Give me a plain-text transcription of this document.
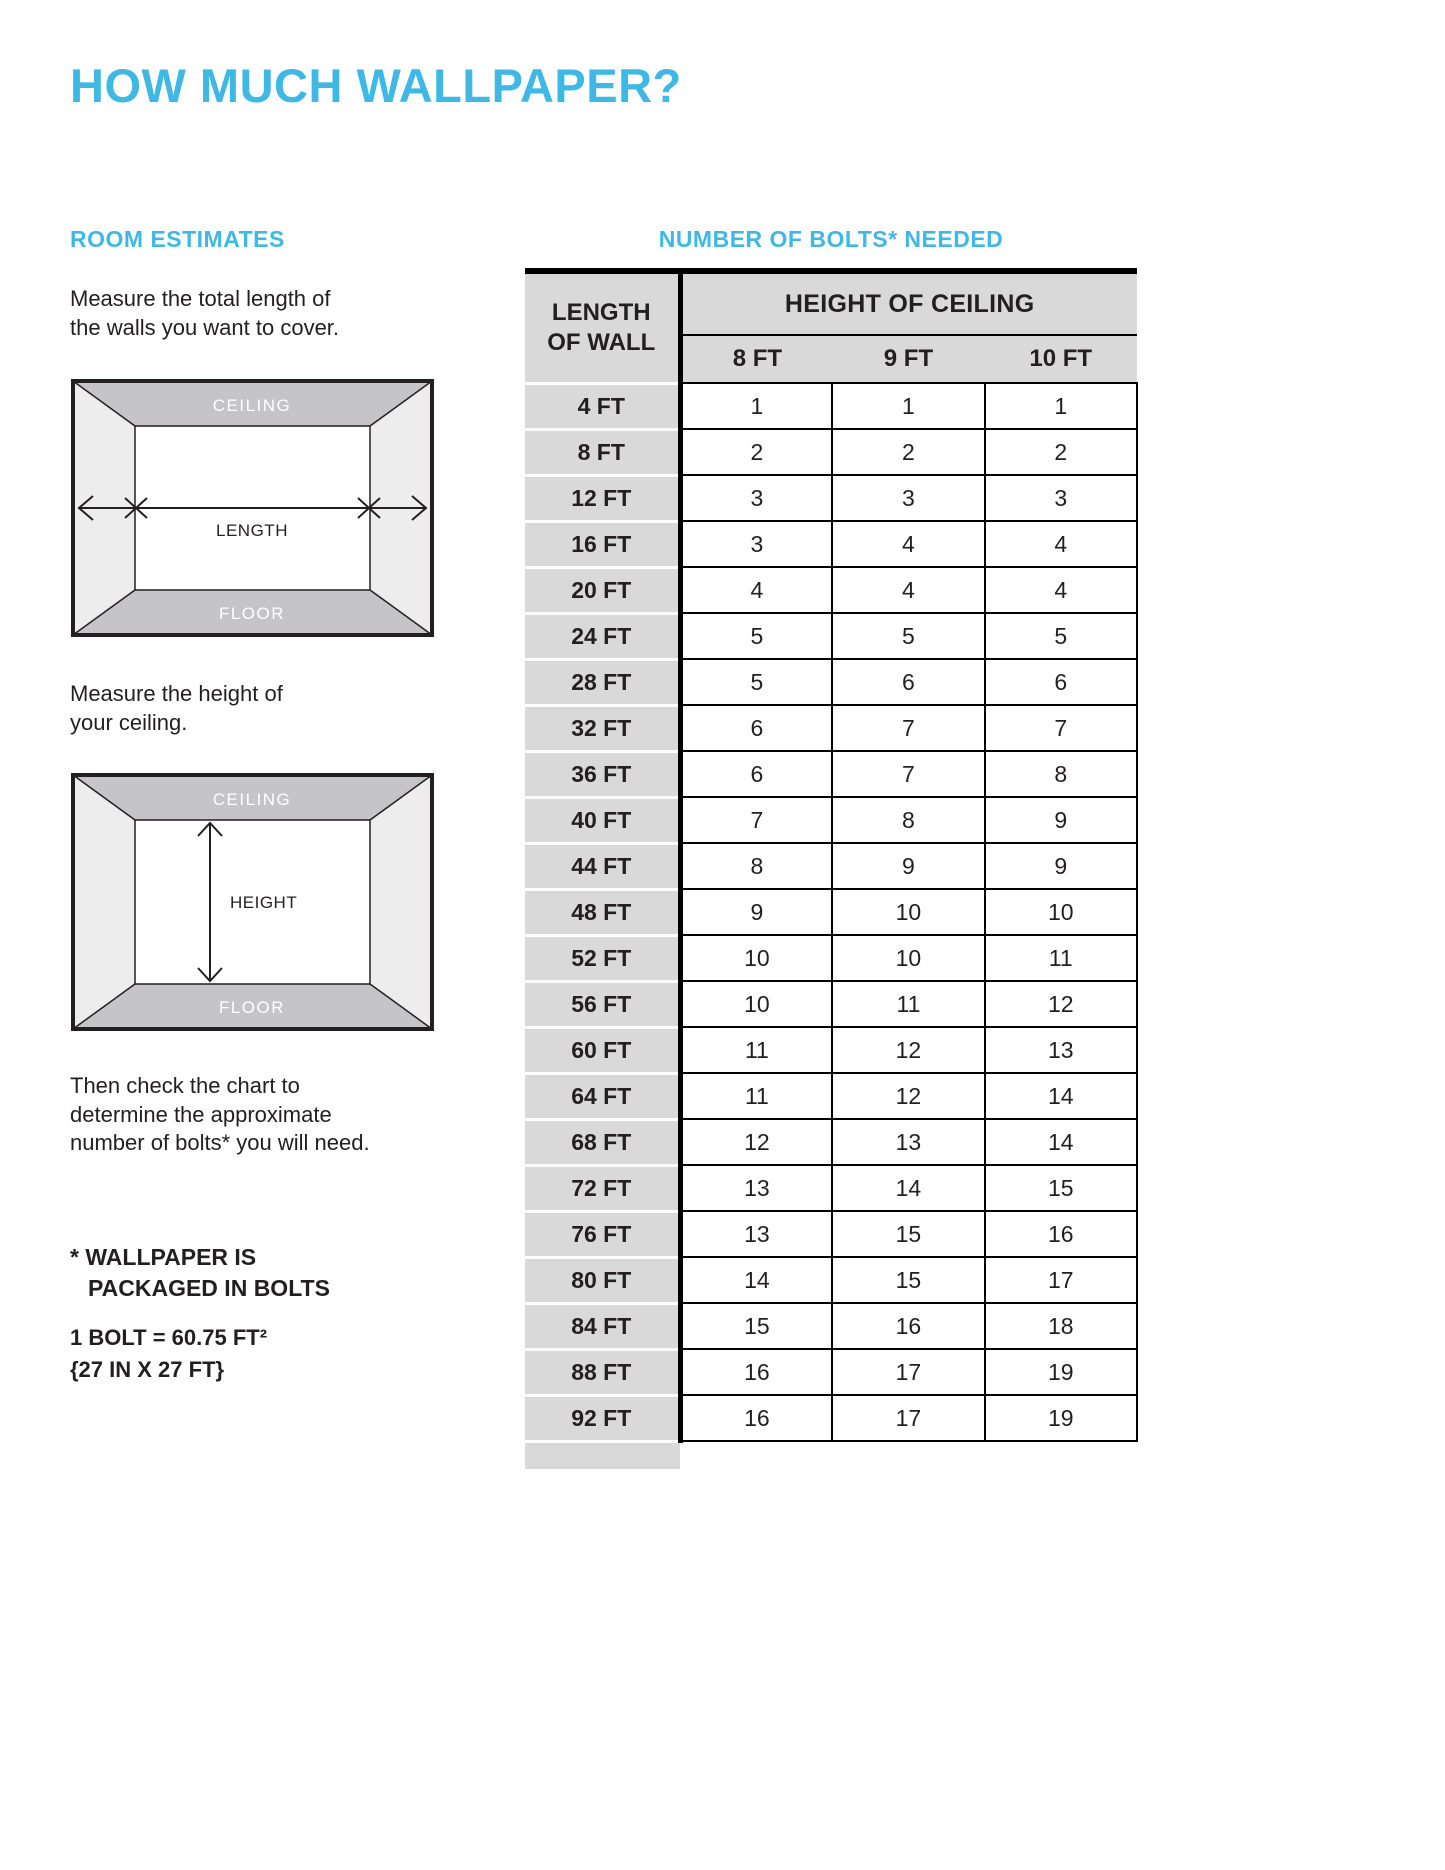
HOW MUCH WALLPAPER?
ROOM ESTIMATES

Measure the total length of
the walls you want to cover.

CEILING
LENGTH
FLOOR

Measure the height of
your ceiling.

CEILING
HEIGHT
FLOOR

Then check the chart to
determine the approximate
number of bolts* you will need.

* WALLPAPER IS
PACKAGED IN BOLTS
1 BOLT = 60.75 FT²
{27 IN X 27 FT}
NUMBER OF BOLTS* NEEDED
LENGTH
OF WALL	HEIGHT OF CEILING		
	8 FT	9 FT	10 FT
4 FT	1	1	1
8 FT	2	2	2
12 FT	3	3	3
16 FT	3	4	4
20 FT	4	4	4
24 FT	5	5	5
28 FT	5	6	6
32 FT	6	7	7
36 FT	6	7	8
40 FT	7	8	9
44 FT	8	9	9
48 FT	9	10	10
52 FT	10	10	11
56 FT	10	11	12
60 FT	11	12	13
64 FT	11	12	14
68 FT	12	13	14
72 FT	13	14	15
76 FT	13	15	16
80 FT	14	15	17
84 FT	15	16	18
88 FT	16	17	19
92 FT	16	17	19
